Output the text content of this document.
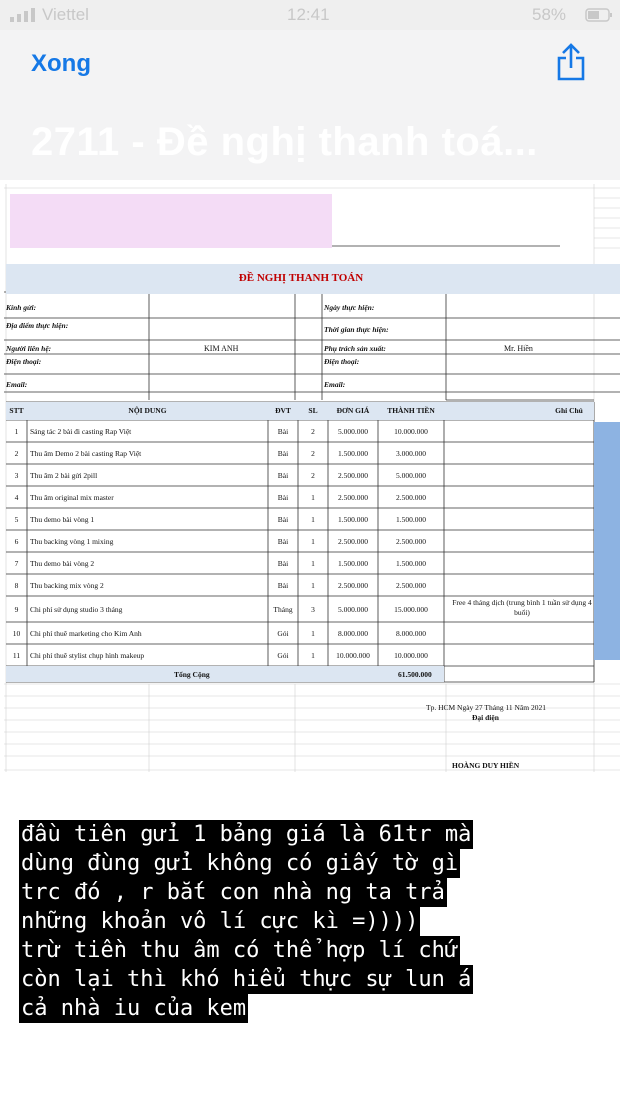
Viettel	12:41	58%
Xong
2711 - Đề nghị thanh toá...
ĐỀ NGHỊ THANH TOÁN
Kính gửi:
Địa điểm thực hiện:
Người liên hệ:	KIM ANH
Điện thoại:
Email:
Ngày thực hiện:
Thời gian thực hiện:
Phụ trách sản xuất:	Mr. Hiền
Điện thoại:
Email:
STT	NỘI DUNG	ĐVT	SL	ĐƠN GIÁ	THÀNH TIỀN	Ghi Chú
1	Sáng tác 2 bài đi casting Rap Việt	Bài	2	5.000.000	10.000.000
2	Thu âm Demo 2 bài casting Rap Việt	Bài	2	1.500.000	3.000.000
3	Thu âm 2 bài gửi 2pill	Bài	2	2.500.000	5.000.000
4	Thu âm original mix master	Bài	1	2.500.000	2.500.000
5	Thu demo bài vòng 1	Bài	1	1.500.000	1.500.000
6	Thu backing vòng 1 mixing	Bài	1	2.500.000	2.500.000
7	Thu demo bài vòng 2	Bài	1	1.500.000	1.500.000
8	Thu backing mix vòng 2	Bài	1	2.500.000	2.500.000
9	Chi phí sử dụng studio 3 tháng	Tháng	3	5.000.000	15.000.000
Free 4 tháng dịch (trung bình 1 tuần sử dụng 4 buổi)
10	Chi phí thuê marketing cho Kim Anh	Gói	1	8.000.000	8.000.000
11	Chi phí thuê stylist chụp hình makeup	Gói	1	10.000.000	10.000.000
Tổng Cộng	61.500.000
Tp. HCM Ngày 27 Tháng 11 Năm 2021
Đại diện
HOÀNG DUY HIỀN
đầu tiên gửi 1 bảng giá là 61tr mà
dùng đùng gửi không có giấy tờ gì
trc đó , r bắt con nhà ng ta trả
những khoản vô lí cực kì =))))
trừ tiền thu âm có thể hợp lí chứ
còn lại thì khó hiểu thực sự lun á
cả nhà iu của kem
